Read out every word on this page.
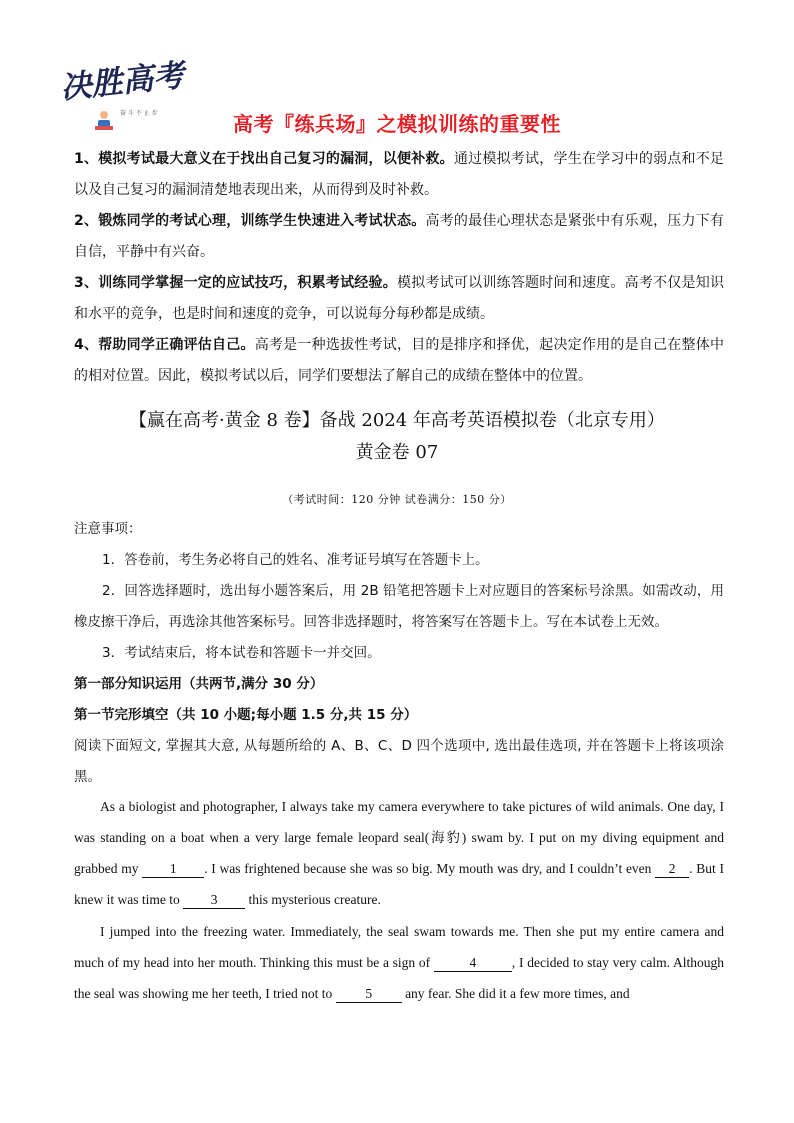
决胜高考
奋 斗 不 止 步	高考『练兵场』之模拟训练的重要性

1、模拟考试最大意义在于找出自己复习的漏洞，以便补救。通过模拟考试，学生在学习中的弱点和不足以及自己复习的漏洞清楚地表现出来，从而得到及时补救。

2、锻炼同学的考试心理，训练学生快速进入考试状态。高考的最佳心理状态是紧张中有乐观，压力下有自信，平静中有兴奋。

3、训练同学掌握一定的应试技巧，积累考试经验。模拟考试可以训练答题时间和速度。高考不仅是知识和水平的竞争，也是时间和速度的竞争，可以说每分每秒都是成绩。

4、帮助同学正确评估自己。高考是一种选拔性考试，目的是排序和择优，起决定作用的是自己在整体中的相对位置。因此，模拟考试以后，同学们要想法了解自己的成绩在整体中的位置。

【赢在高考·黄金 8 卷】备战 2024 年高考英语模拟卷（北京专用）
黄金卷 07
（考试时间：120 分钟 试卷满分：150 分）

注意事项：

1．答卷前，考生务必将自己的姓名、准考证号填写在答题卡上。

2．回答选择题时，选出每小题答案后，用 2B 铅笔把答题卡上对应题目的答案标号涂黑。如需改动，用橡皮擦干净后，再选涂其他答案标号。回答非选择题时，将答案写在答题卡上。写在本试卷上无效。

3．考试结束后，将本试卷和答题卡一并交回。

第一部分知识运用（共两节,满分 30 分）

第一节完形填空（共 10 小题;每小题 1.5 分,共 15 分）

阅读下面短文, 掌握其大意, 从每题所给的 A、B、C、D 四个选项中, 选出最佳选项, 并在答题卡上将该项涂黑。

As a biologist and photographer, I always take my camera everywhere to take pictures of wild animals. One day, I was standing on a boat when a very large female leopard seal(海豹) swam by. I put on my diving equipment and grabbed my 1 . I was frightened because she was so big. My mouth was dry, and I couldn’t even 2 . But I knew it was time to 3 this mysterious creature.

I jumped into the freezing water. Immediately, the seal swam towards me. Then she put my entire camera and much of my head into her mouth. Thinking this must be a sign of	4	, I decided to stay very calm. Although the seal was showing me her teeth, I tried not to 5 any fear. She did it a few more times, and
